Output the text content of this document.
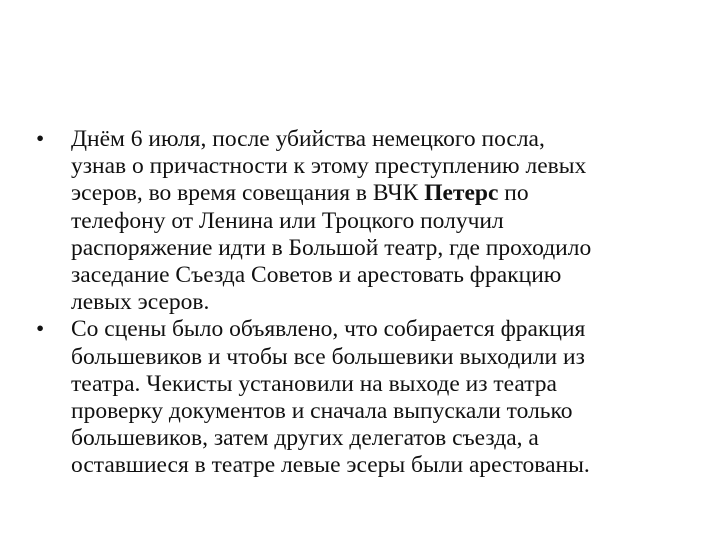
•	Днём 6 июля, после убийства немецкого посла,
узнав о причастности к этому преступлению левых
эсеров, во время совещания в ВЧК Петерс по
телефону от Ленина или Троцкого получил
распоряжение идти в Большой театр, где проходило
заседание Съезда Советов и арестовать фракцию
левых эсеров.
•	Со сцены было объявлено, что собирается фракция
большевиков и чтобы все большевики выходили из
театра. Чекисты установили на выходе из театра
проверку документов и сначала выпускали только
большевиков, затем других делегатов съезда, а
оставшиеся в театре левые эсеры были арестованы.
